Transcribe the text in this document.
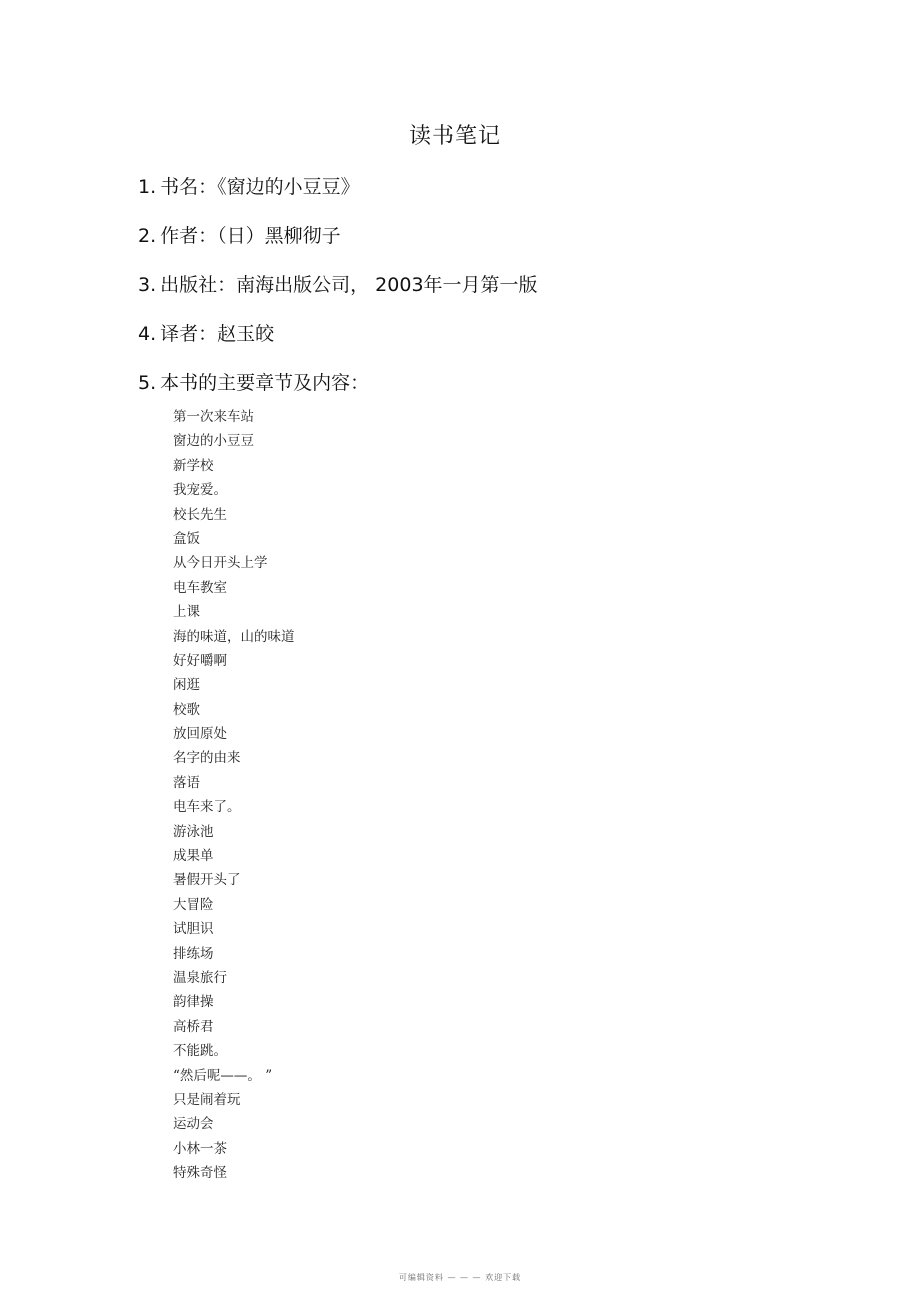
读书笔记
1. 书名：《窗边的小豆豆》
2. 作者：（日）黑柳彻子
3. 出版社：南海出版公司， 2003年一月第一版
4. 译者：赵玉皎
5. 本书的主要章节及内容：
第一次来车站
窗边的小豆豆
新学校
我宠爱。
校长先生
盒饭
从今日开头上学
电车教室
上课
海的味道，山的味道
好好嚼啊
闲逛
校歌
放回原处
名字的由来
落语
电车来了。
游泳池
成果单
暑假开头了
大冒险
试胆识
排练场
温泉旅行
韵律操
高桥君
不能跳。
“然后呢——。 ”
只是闹着玩
运动会
小林一茶
特殊奇怪
可编辑资料 — — — 欢迎下载
